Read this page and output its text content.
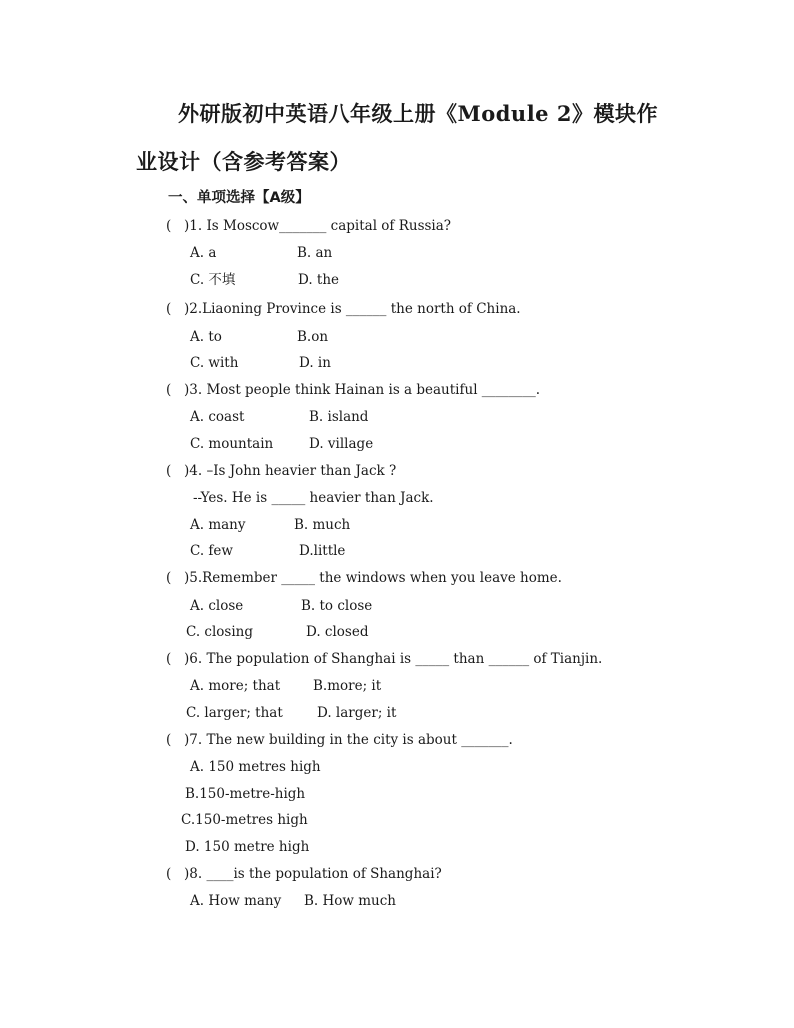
外研版初中英语八年级上册《Module 2》模块作
业设计（含参考答案）
一、单项选择【A级】
( )1. Is Moscow_______ capital of Russia?
A. a	B. an
C. 不填	D. the
( )2.Liaoning Province is ______ the north of China.
A. to	B.on
C. with	D. in
( )3. Most people think Hainan is a beautiful ________.
A. coast	B. island
C. mountain	D. village
( )4. –Is John heavier than Jack ?
--Yes. He is _____ heavier than Jack.
A. many	B. much
C. few	D.little
( )5.Remember _____ the windows when you leave home.
A. close	B. to close
C. closing	D. closed
( )6. The population of Shanghai is _____ than ______ of Tianjin.
A. more; that B.more; it
C. larger; that	D. larger; it
( )7. The new building in the city is about _______.
A. 150 metres high
B.150-metre-high
C.150-metres high
D. 150 metre high
( )8. ____is the population of Shanghai?
A. How many B. How much
